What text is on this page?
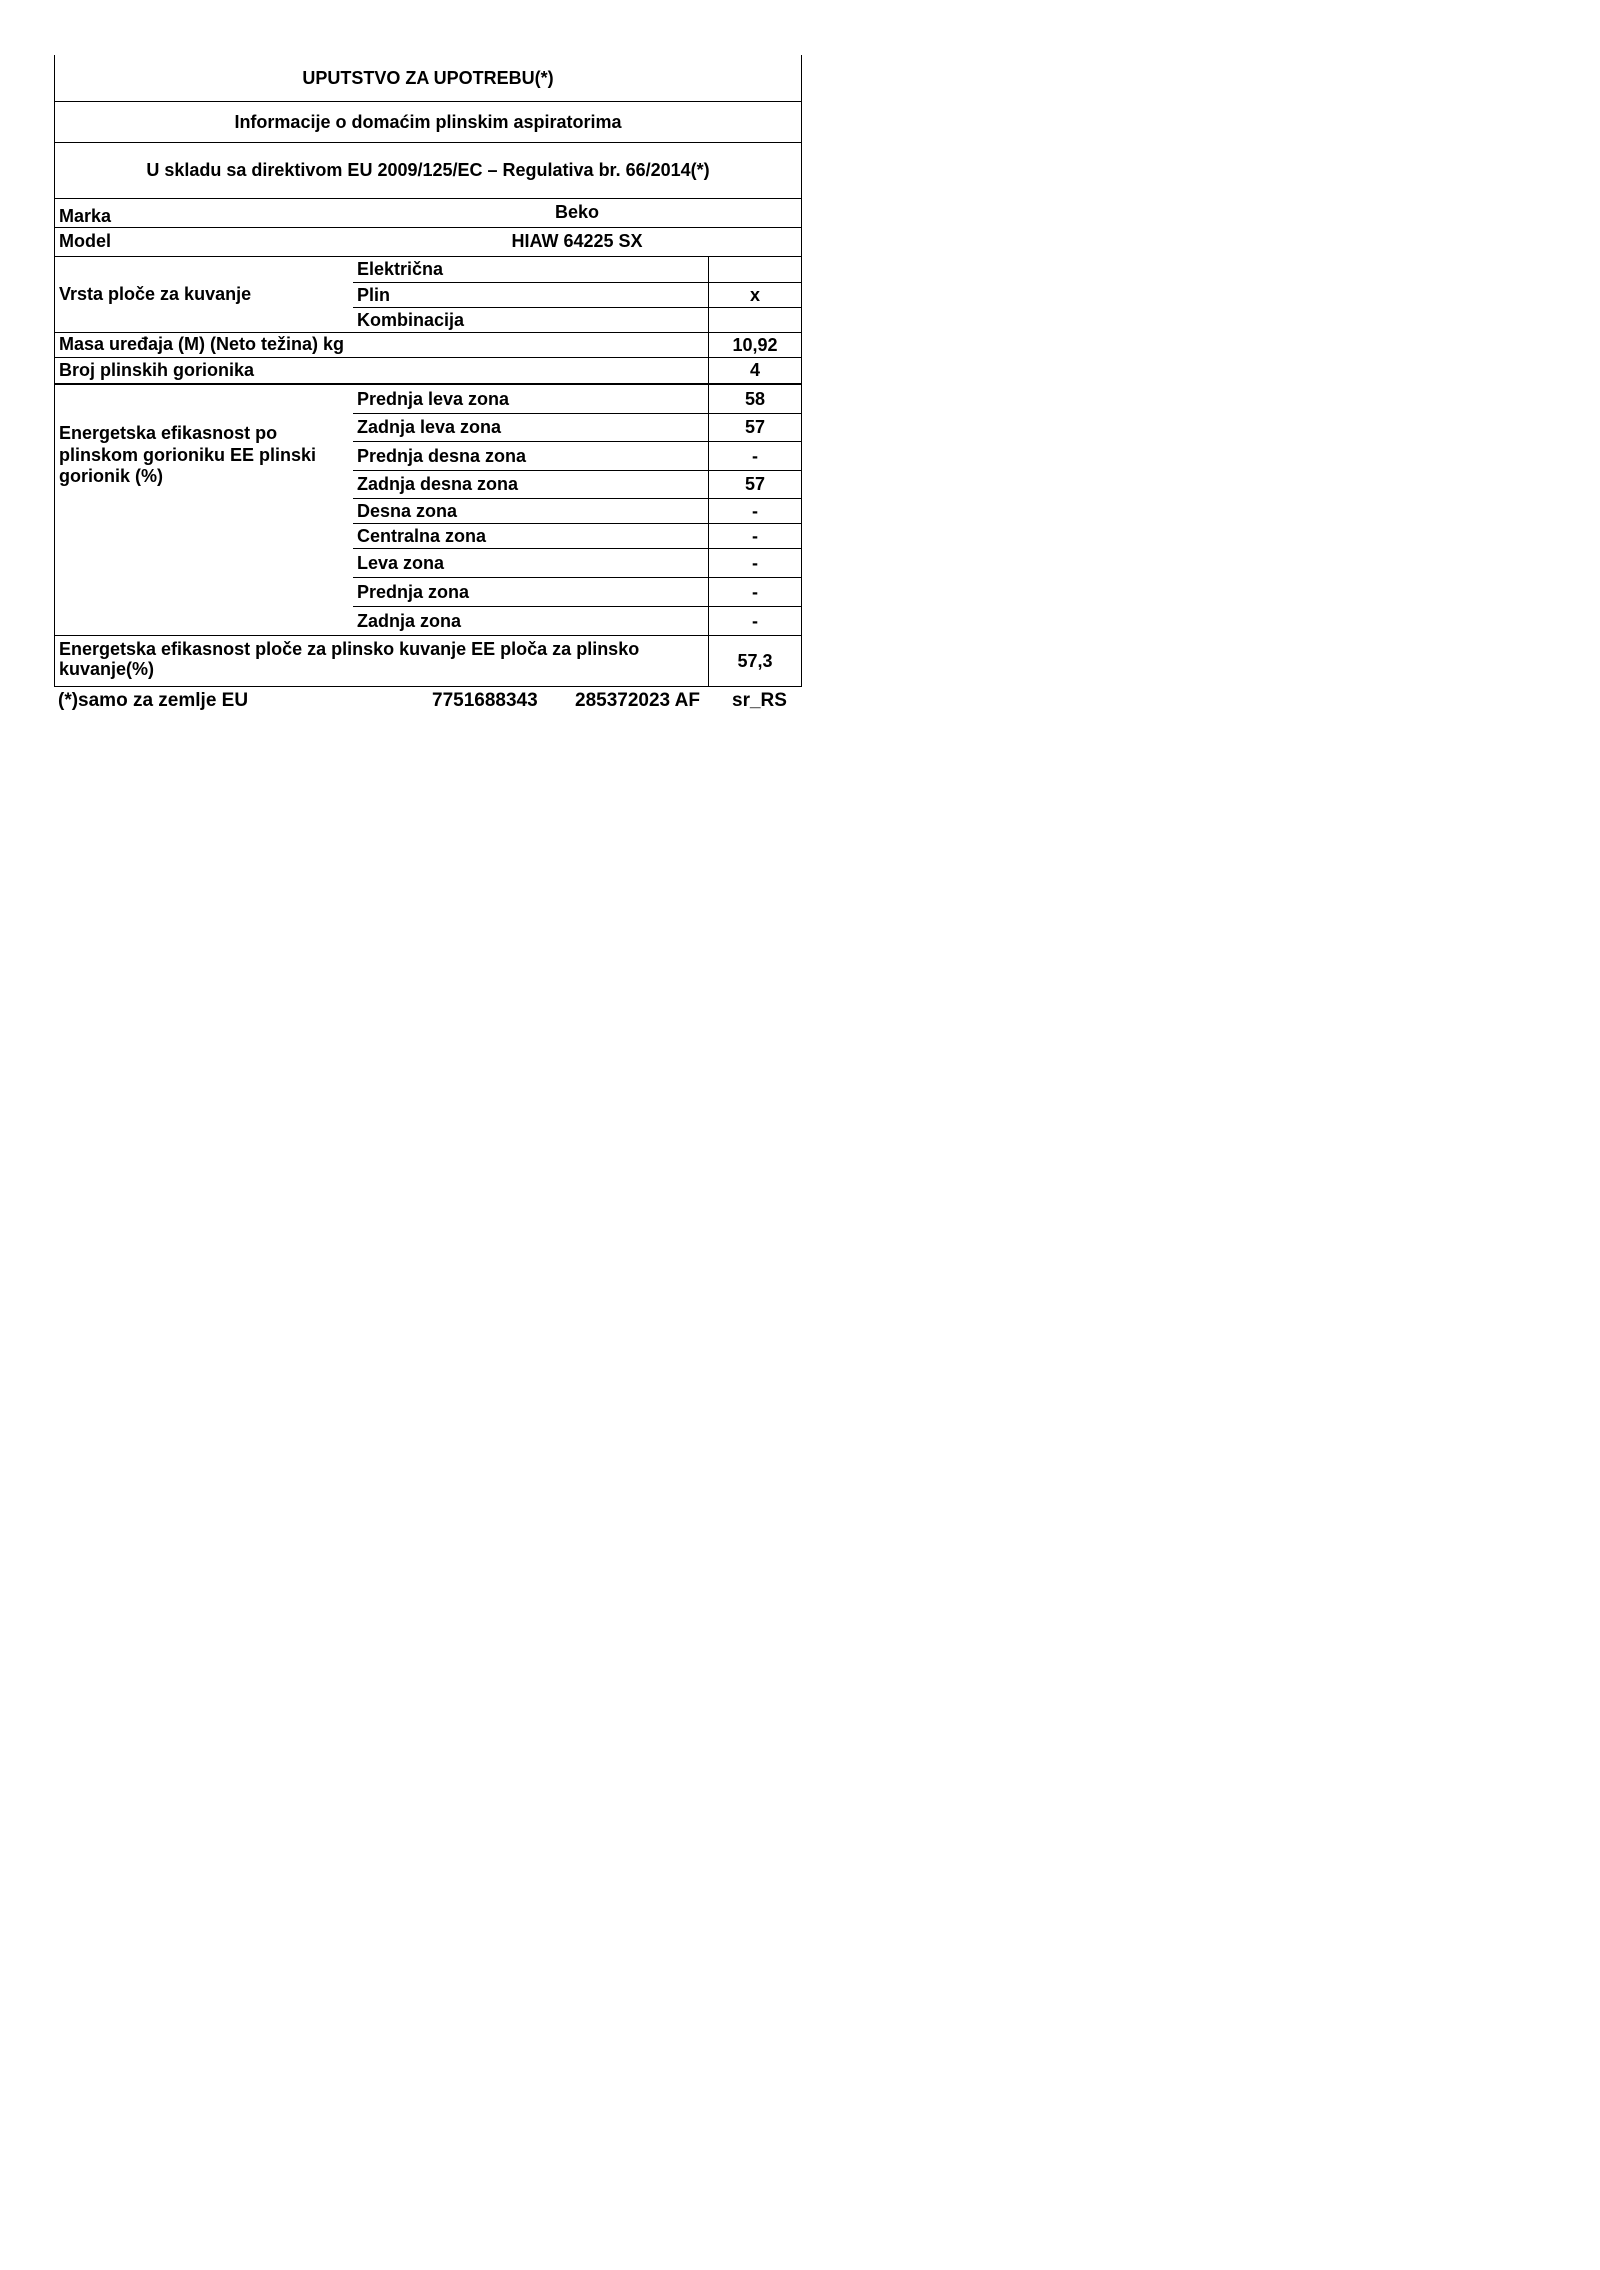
UPUTSTVO ZA UPOTREBU(*)
Informacije o domaćim plinskim aspiratorima
U skladu sa direktivom EU 2009/125/EC – Regulativa br. 66/2014(*)
Marka	Beko
Model	HIAW 64225 SX
Vrsta ploče za kuvanje
Električna
Plin	x
Kombinacija
Masa uređaja (M) (Neto težina) kg	10,92
Broj plinskih gorionika	4
Energetska efikasnost po plinskom gorioniku EE plinski gorionik (%)
Prednja leva zona	58
Zadnja leva zona	57
Prednja desna zona	-
Zadnja desna zona	57
Desna zona	-
Centralna zona	-
Leva zona	-
Prednja zona	-
Zadnja zona	-
Energetska efikasnost ploče za plinsko kuvanje EE ploča za plinsko kuvanje(%)	57,3
(*)samo za zemlje EU	7751688343 285372023 AF sr_RS
